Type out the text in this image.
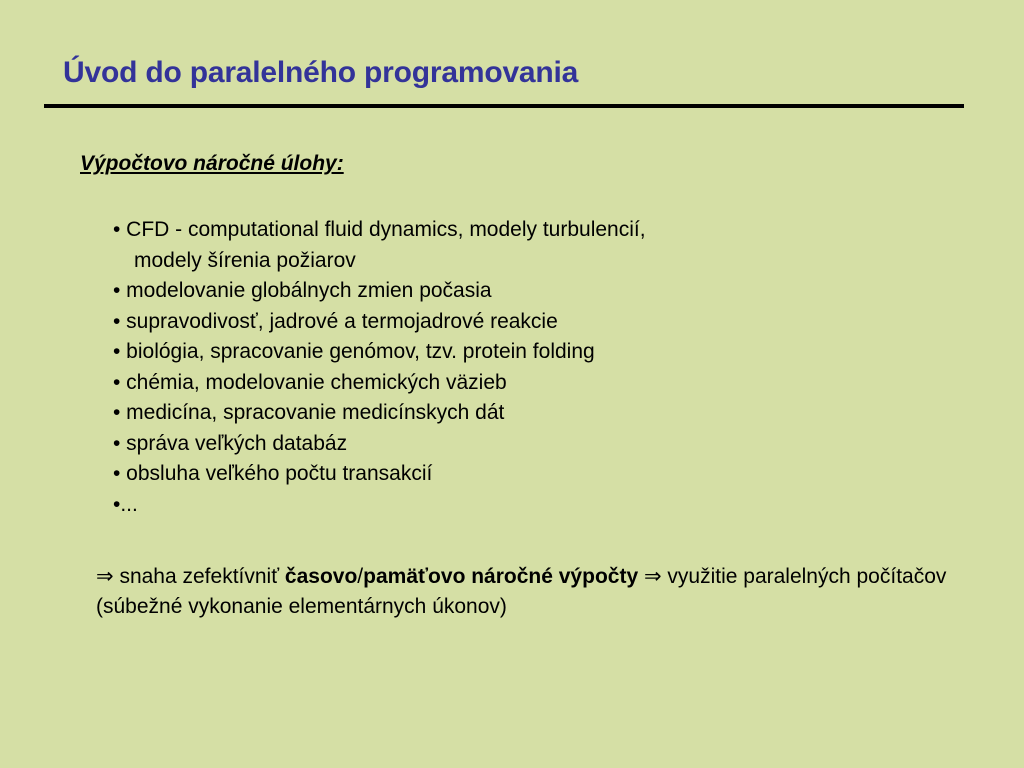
Úvod do paralelného programovania
Výpočtovo náročné úlohy:
• CFD - computational fluid dynamics, modely turbulencií,
modely šírenia požiarov
• modelovanie globálnych zmien počasia
• supravodivosť, jadrové a termojadrové reakcie
• biológia, spracovanie genómov, tzv. protein folding
• chémia, modelovanie chemických väzieb
• medicína, spracovanie medicínskych dát
• správa veľkých databáz
• obsluha veľkého počtu transakcií
•...
⇒ snaha zefektívniť časovo/pamäťovo náročné výpočty ⇒ využitie paralelných počítačov (súbežné vykonanie elementárnych úkonov)
